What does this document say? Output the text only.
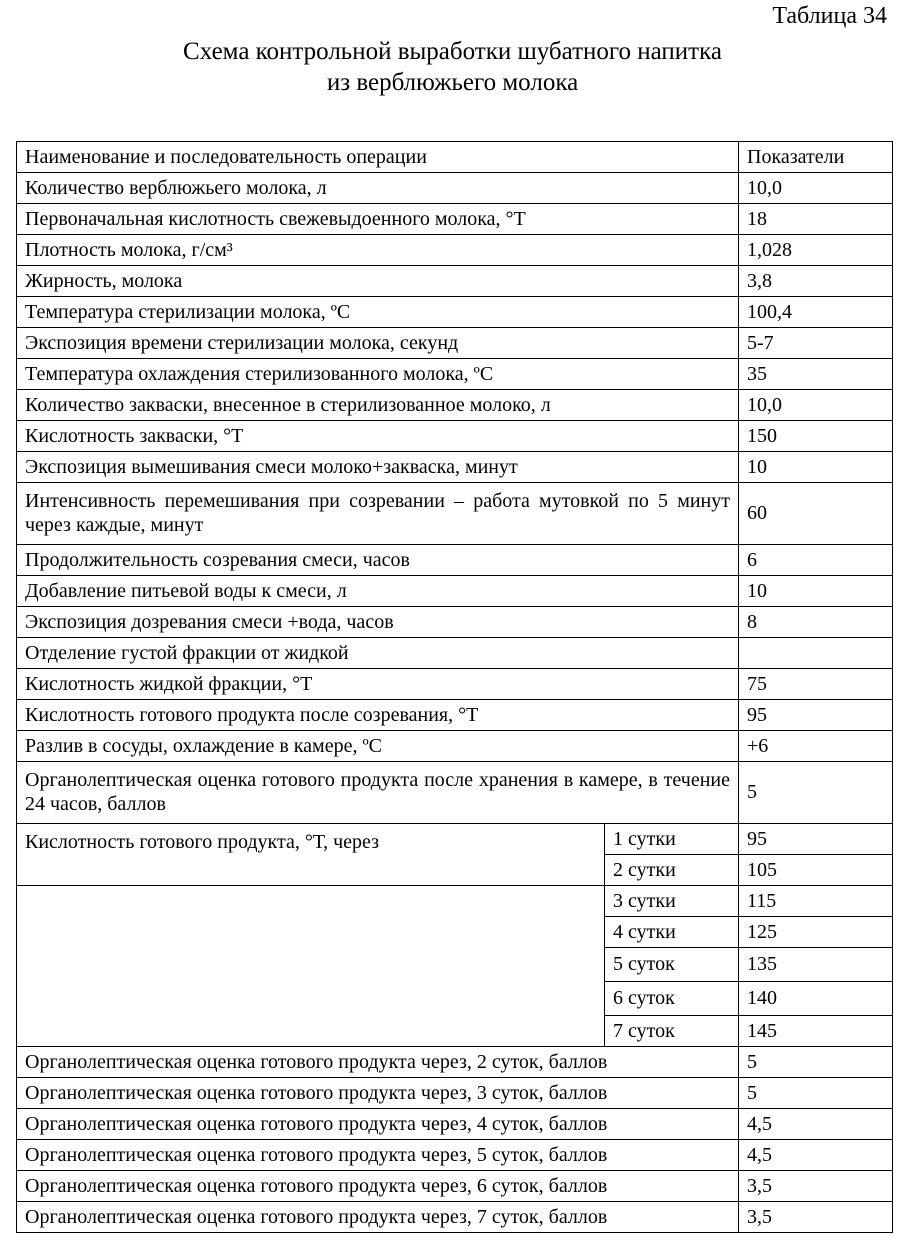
Таблица 34
Схема контрольной выработки шубатного напитка
из верблюжьего молока
Наименование и последовательность операции		Показатели
Количество верблюжьего молока, л		10,0
Первоначальная кислотность свежевыдоенного молока, °Т		18
Плотность молока, г/см³		1,028
Жирность, молока		3,8
Температура стерилизации молока, ºС		100,4
Экспозиция времени стерилизации молока, секунд		5-7
Температура охлаждения стерилизованного молока, ºС		35
Количество закваски, внесенное в стерилизованное молоко, л		10,0
Кислотность закваски, °Т		150
Экспозиция вымешивания смеси молоко+закваска, минут		10
Интенсивность перемешивания при созревании – работа мутовкой по 5 минут через каждые, минут		60
Продолжительность созревания смеси, часов		6
Добавление питьевой воды к смеси, л		10
Экспозиция дозревания смеси +вода, часов		8
Отделение густой фракции от жидкой		
Кислотность жидкой фракции, °Т		75
Кислотность готового продукта после созревания, °Т		95
Разлив в сосуды, охлаждение в камере, ºС		+6
Органолептическая оценка готового продукта после хранения в камере, в течение 24 часов, баллов		5
Кислотность готового продукта, °Т, через	1 сутки	95
	2 сутки	105
	3 сутки	115
	4 сутки	125
	5 суток	135
	6 суток	140
	7 суток	145
Органолептическая оценка готового продукта через, 2 суток, баллов		5
Органолептическая оценка готового продукта через, 3 суток, баллов		5
Органолептическая оценка готового продукта через, 4 суток, баллов		4,5
Органолептическая оценка готового продукта через, 5 суток, баллов		4,5
Органолептическая оценка готового продукта через, 6 суток, баллов		3,5
Органолептическая оценка готового продукта через, 7 суток, баллов		3,5
